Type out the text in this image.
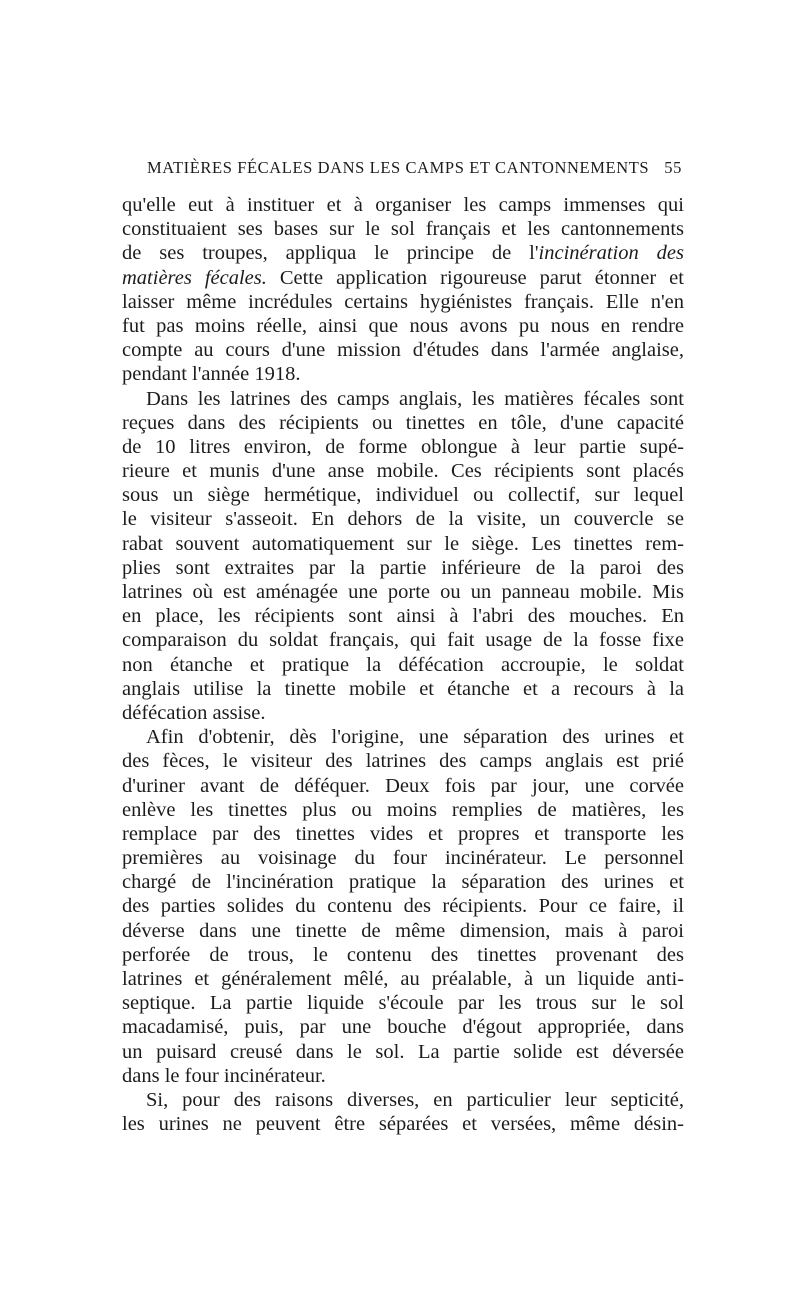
MATIÈRES FÉCALES DANS LES CAMPS ET CANTONNEMENTS 55
qu'elle eut à instituer et à organiser les camps immenses qui
constituaient ses bases sur le sol français et les cantonnements
de ses troupes, appliqua le principe de l'incinération des
matières fécales. Cette application rigoureuse parut étonner et
laisser même incrédules certains hygiénistes français. Elle n'en
fut pas moins réelle, ainsi que nous avons pu nous en rendre
compte au cours d'une mission d'études dans l'armée anglaise,
pendant l'année 1918.
Dans les latrines des camps anglais, les matières fécales sont
reçues dans des récipients ou tinettes en tôle, d'une capacité
de 10 litres environ, de forme oblongue à leur partie supé-
rieure et munis d'une anse mobile. Ces récipients sont placés
sous un siège hermétique, individuel ou collectif, sur lequel
le visiteur s'asseoit. En dehors de la visite, un couvercle se
rabat souvent automatiquement sur le siège. Les tinettes rem-
plies sont extraites par la partie inférieure de la paroi des
latrines où est aménagée une porte ou un panneau mobile. Mis
en place, les récipients sont ainsi à l'abri des mouches. En
comparaison du soldat français, qui fait usage de la fosse fixe
non étanche et pratique la défécation accroupie, le soldat
anglais utilise la tinette mobile et étanche et a recours à la
défécation assise.
Afin d'obtenir, dès l'origine, une séparation des urines et
des fèces, le visiteur des latrines des camps anglais est prié
d'uriner avant de déféquer. Deux fois par jour, une corvée
enlève les tinettes plus ou moins remplies de matières, les
remplace par des tinettes vides et propres et transporte les
premières au voisinage du four incinérateur. Le personnel
chargé de l'incinération pratique la séparation des urines et
des parties solides du contenu des récipients. Pour ce faire, il
déverse dans une tinette de même dimension, mais à paroi
perforée de trous, le contenu des tinettes provenant des
latrines et généralement mêlé, au préalable, à un liquide anti-
septique. La partie liquide s'écoule par les trous sur le sol
macadamisé, puis, par une bouche d'égout appropriée, dans
un puisard creusé dans le sol. La partie solide est déversée
dans le four incinérateur.
Si, pour des raisons diverses, en particulier leur septicité,
les urines ne peuvent être séparées et versées, même désin-
